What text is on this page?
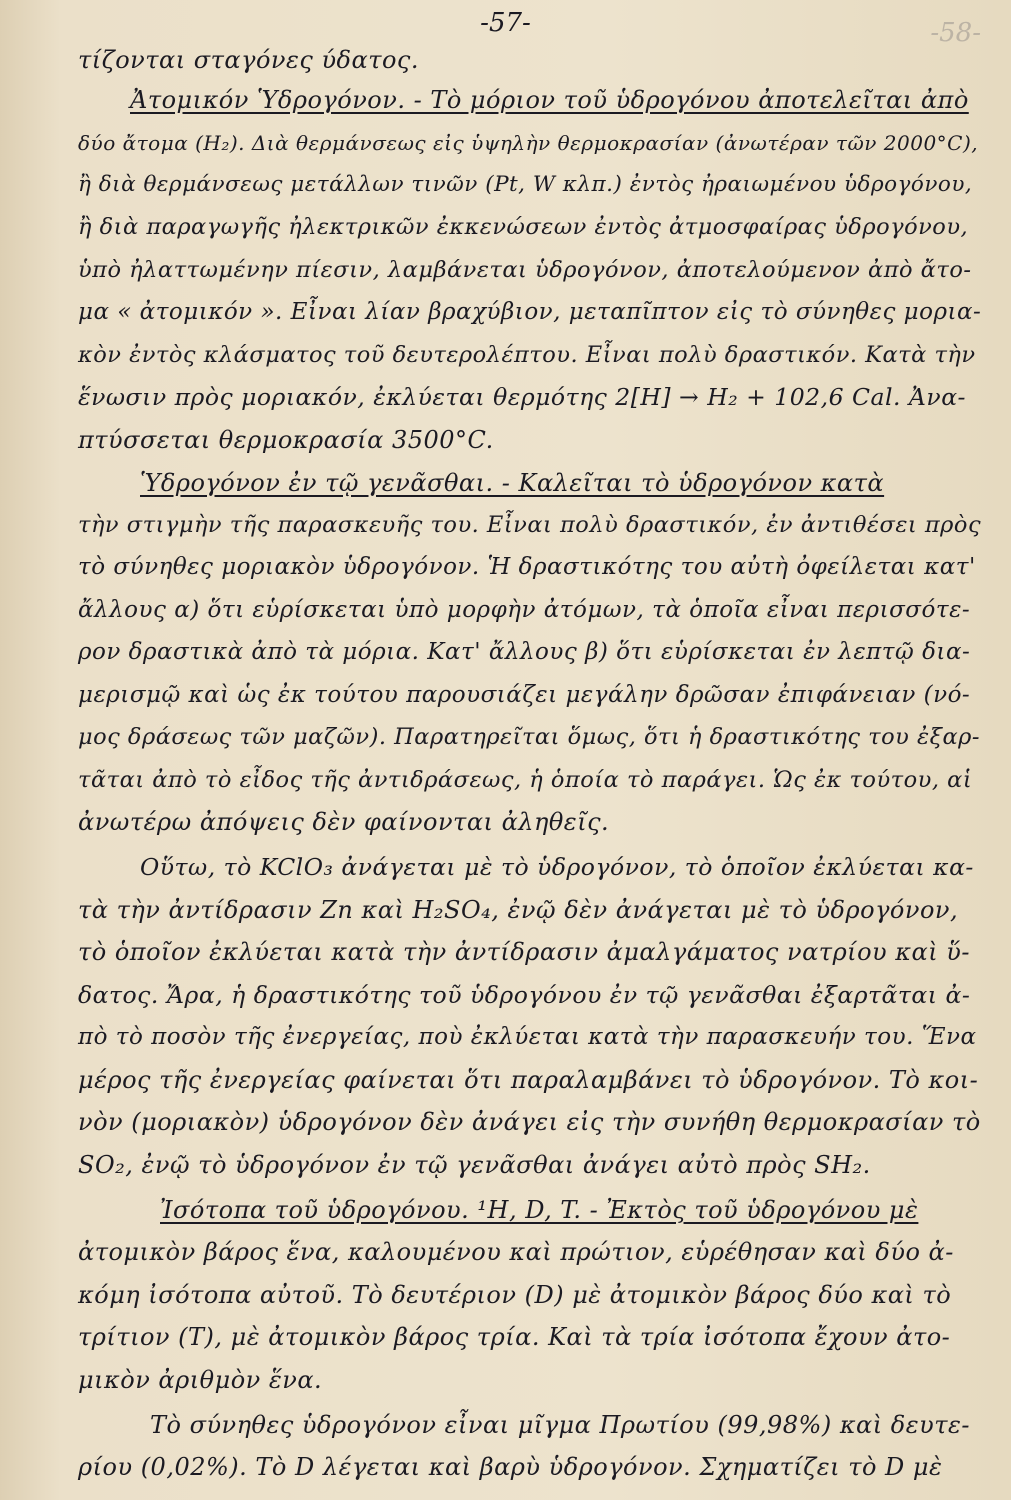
-58-
-57-
τίζονται σταγόνες ύδατος.
Ἀτομικόν Ὑδρογόνον. - Τὸ μόριον τοῦ ὑδρογόνου ἀποτελεῖται ἀπὸ
δύο ἄτομα (H₂). Διὰ θερμάνσεως εἰς ὑψηλὴν θερμοκρασίαν (ἀνωτέραν τῶν 2000°C),
ἢ διὰ θερμάνσεως μετάλλων τινῶν (Pt, W κλπ.) ἐντὸς ἠραιωμένου ὑδρογόνου,
ἢ διὰ παραγωγῆς ἠλεκτρικῶν ἐκκενώσεων ἐντὸς ἀτμοσφαίρας ὑδρογόνου,
ὑπὸ ἠλαττωμένην πίεσιν, λαμβάνεται ὑδρογόνον, ἀποτελούμενον ἀπὸ ἄτο-
μα « ἀτομικόν ». Εἶναι λίαν βραχύβιον, μεταπῖπτον εἰς τὸ σύνηθες μορια-
κὸν ἐντὸς κλάσματος τοῦ δευτερολέπτου. Εἶναι πολὺ δραστικόν. Κατὰ τὴν
ἕνωσιν πρὸς μοριακόν, ἐκλύεται θερμότης 2[H] → H₂ + 102,6 Cal. Ἀνα-
πτύσσεται θερμοκρασία 3500°C.
Ὑδρογόνον ἐν τῷ γενᾶσθαι. - Καλεῖται τὸ ὑδρογόνον κατὰ
τὴν στιγμὴν τῆς παρασκευῆς του. Εἶναι πολὺ δραστικόν, ἐν ἀντιθέσει πρὸς
τὸ σύνηθες μοριακὸν ὑδρογόνον. Ἡ δραστικότης του αὐτὴ ὀφείλεται κατ'
ἄλλους α) ὅτι εὑρίσκεται ὑπὸ μορφὴν ἀτόμων, τὰ ὁποῖα εἶναι περισσότε-
ρον δραστικὰ ἀπὸ τὰ μόρια. Κατ' ἄλλους β) ὅτι εὑρίσκεται ἐν λεπτῷ δια-
μερισμῷ καὶ ὡς ἐκ τούτου παρουσιάζει μεγάλην δρῶσαν ἐπιφάνειαν (νό-
μος δράσεως τῶν μαζῶν). Παρατηρεῖται ὅμως, ὅτι ἡ δραστικότης του ἐξαρ-
τᾶται ἀπὸ τὸ εἶδος τῆς ἀντιδράσεως, ἡ ὁποία τὸ παράγει. Ὡς ἐκ τούτου, αἱ
ἀνωτέρω ἀπόψεις δὲν φαίνονται ἀληθεῖς.
Οὕτω, τὸ KClO₃ ἀνάγεται μὲ τὸ ὑδρογόνον, τὸ ὁποῖον ἐκλύεται κα-
τὰ τὴν ἀντίδρασιν Zn καὶ H₂SO₄, ἐνῷ δὲν ἀνάγεται μὲ τὸ ὑδρογόνον,
τὸ ὁποῖον ἐκλύεται κατὰ τὴν ἀντίδρασιν ἀμαλγάματος νατρίου καὶ ὕ-
δατος. Ἄρα, ἡ δραστικότης τοῦ ὑδρογόνου ἐν τῷ γενᾶσθαι ἐξαρτᾶται ἀ-
πὸ τὸ ποσὸν τῆς ἐνεργείας, ποὺ ἐκλύεται κατὰ τὴν παρασκευήν του. Ἕνα
μέρος τῆς ἐνεργείας φαίνεται ὅτι παραλαμβάνει τὸ ὑδρογόνον. Τὸ κοι-
νὸν (μοριακὸν) ὑδρογόνον δὲν ἀνάγει εἰς τὴν συνήθη θερμοκρασίαν τὸ
SO₂, ἐνῷ τὸ ὑδρογόνον ἐν τῷ γενᾶσθαι ἀνάγει αὐτὸ πρὸς SH₂.
Ἰσότοπα τοῦ ὑδρογόνου. ¹H, D, T. - Ἐκτὸς τοῦ ὑδρογόνου μὲ
ἀτομικὸν βάρος ἕνα, καλουμένου καὶ πρώτιον, εὑρέθησαν καὶ δύο ἀ-
κόμη ἰσότοπα αὐτοῦ. Τὸ δευτέριον (D) μὲ ἀτομικὸν βάρος δύο καὶ τὸ
τρίτιον (T), μὲ ἀτομικὸν βάρος τρία. Καὶ τὰ τρία ἰσότοπα ἔχουν ἀτο-
μικὸν ἀριθμὸν ἕνα.
Τὸ σύνηθες ὑδρογόνον εἶναι μῖγμα Πρωτίου (99,98%) καὶ δευτε-
ρίου (0,02%). Τὸ D λέγεται καὶ βαρὺ ὑδρογόνον. Σχηματίζει τὸ D μὲ
